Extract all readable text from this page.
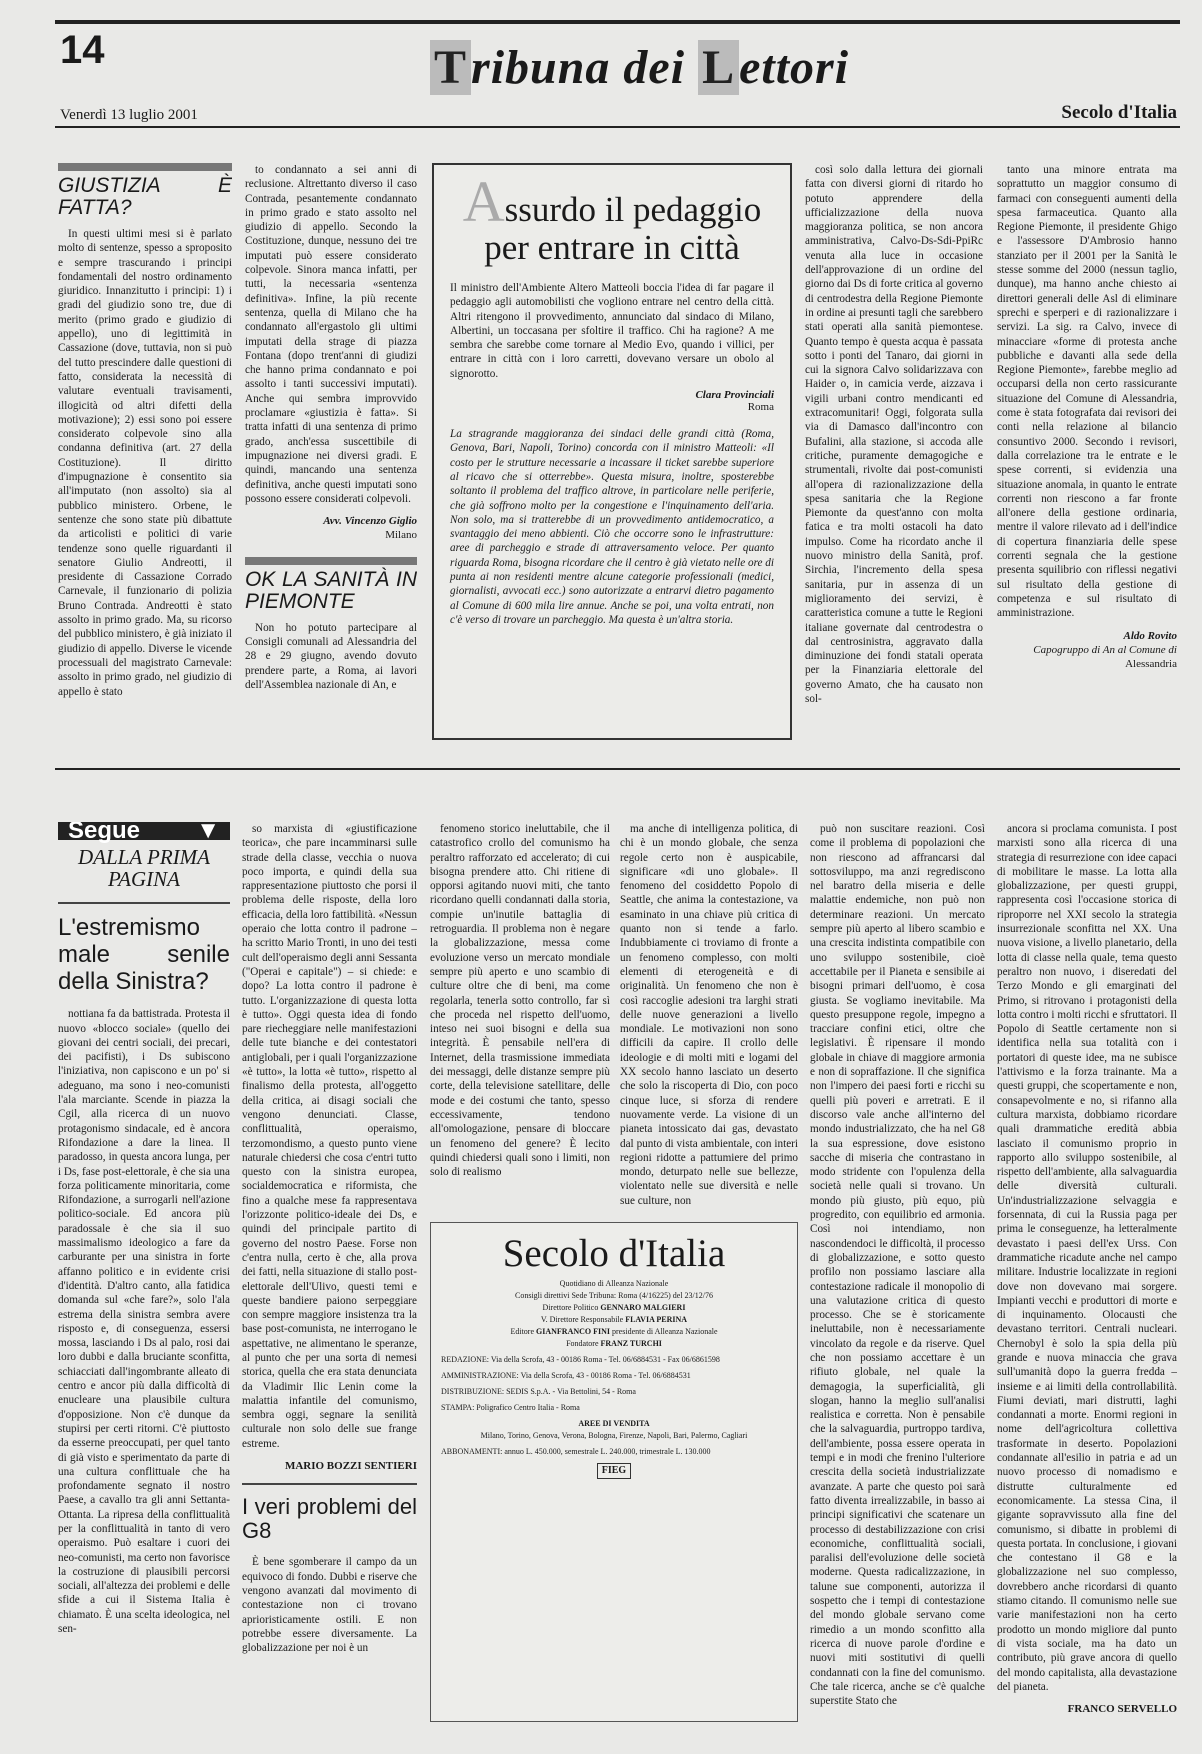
14	Tribuna dei Lettori
Venerdì 13 luglio 2001	Secolo d'Italia
GIUSTIZIA È FATTA?

In questi ultimi mesi si è parlato molto di sentenze, spesso a sproposito e sempre trascurando i principi fondamentali del nostro ordinamento giuridico. Innanzitutto i principi: 1) i gradi del giudizio sono tre, due di merito (primo grado e giudizio di appello), uno di legittimità in Cassazione (dove, tuttavia, non si può del tutto prescindere dalle questioni di fatto, considerata la necessità di valutare eventuali travisamenti, illogicità od altri difetti della motivazione); 2) essi sono poi essere considerato colpevole sino alla condanna definitiva (art. 27 della Costituzione). Il diritto d'impugnazione è consentito sia all'imputato (non assolto) sia al pubblico ministero. Orbene, le sentenze che sono state più dibattute da articolisti e politici di varie tendenze sono quelle riguardanti il senatore Giulio Andreotti, il presidente di Cassazione Corrado Carnevale, il funzionario di polizia Bruno Contrada. Andreotti è stato assolto in primo grado. Ma, su ricorso del pubblico ministero, è già iniziato il giudizio di appello. Diverse le vicende processuali del magistrato Carnevale: assolto in primo grado, nel giudizio di appello è stato

to condannato a sei anni di reclusione. Altrettanto diverso il caso Contrada, pesantemente condannato in primo grado e stato assolto nel giudizio di appello. Secondo la Costituzione, dunque, nessuno dei tre imputati può essere considerato colpevole. Sinora manca infatti, per tutti, la necessaria «sentenza definitiva». Infine, la più recente sentenza, quella di Milano che ha condannato all'ergastolo gli ultimi imputati della strage di piazza Fontana (dopo trent'anni di giudizi che hanno prima condannato e poi assolto i tanti successivi imputati). Anche qui sembra improvvido proclamare «giustizia è fatta». Si tratta infatti di una sentenza di primo grado, anch'essa suscettibile di impugnazione nei diversi gradi. E quindi, mancando una sentenza definitiva, anche questi imputati sono possono essere considerati colpevoli.

Avv. Vincenzo Giglio
Milano
OK LA SANITÀ IN PIEMONTE

Non ho potuto partecipare al Consigli comunali ad Alessandria del 28 e 29 giugno, avendo dovuto prendere parte, a Roma, ai lavori dell'Assemblea nazionale di An, e

Assurdo il pedaggio per entrare in città

Il ministro dell'Ambiente Altero Matteoli boccia l'idea di far pagare il pedaggio agli automobilisti che vogliono entrare nel centro della città. Altri ritengono il provvedimento, annunciato dal sindaco di Milano, Albertini, un toccasana per sfoltire il traffico. Chi ha ragione? A me sembra che sarebbe come tornare al Medio Evo, quando i villici, per entrare in città con i loro carretti, dovevano versare un obolo al signorotto.

Clara Provinciali
Roma
La stragrande maggioranza dei sindaci delle grandi città (Roma, Genova, Bari, Napoli, Torino) concorda con il ministro Matteoli: «Il costo per le strutture necessarie a incassare il ticket sarebbe superiore al ricavo che si otterrebbe». Questa misura, inoltre, sposterebbe soltanto il problema del traffico altrove, in particolare nelle periferie, che già soffrono molto per la congestione e l'inquinamento dell'aria. Non solo, ma si tratterebbe di un provvedimento antidemocratico, a svantaggio dei meno abbienti. Ciò che occorre sono le infrastrutture: aree di parcheggio e strade di attraversamento veloce. Per quanto riguarda Roma, bisogna ricordare che il centro è già vietato nelle ore di punta ai non residenti mentre alcune categorie professionali (medici, giornalisti, avvocati ecc.) sono autorizzate a entrarvi dietro pagamento al Comune di 600 mila lire annue. Anche se poi, una volta entrati, non c'è verso di trovare un parcheggio. Ma questa è un'altra storia.

così solo dalla lettura dei giornali fatta con diversi giorni di ritardo ho potuto apprendere della ufficializzazione della nuova maggioranza politica, se non ancora amministrativa, Calvo-Ds-Sdi-PpiRc venuta alla luce in occasione dell'approvazione di un ordine del giorno dai Ds di forte critica al governo di centrodestra della Regione Piemonte in ordine ai presunti tagli che sarebbero stati operati alla sanità piemontese. Quanto tempo è questa acqua è passata sotto i ponti del Tanaro, dai giorni in cui la signora Calvo solidarizzava con Haider o, in camicia verde, aizzava i vigili urbani contro mendicanti ed extracomunitari! Oggi, folgorata sulla via di Damasco dall'incontro con Bufalini, alla stazione, si accoda alle critiche, puramente demagogiche e strumentali, rivolte dai post-comunisti all'opera di razionalizzazione della spesa sanitaria che la Regione Piemonte da quest'anno con molta fatica e tra molti ostacoli ha dato impulso. Come ha ricordato anche il nuovo ministro della Sanità, prof. Sirchia, l'incremento della spesa sanitaria, pur in assenza di un miglioramento dei servizi, è caratteristica comune a tutte le Regioni italiane governate dal centrodestra o dal centrosinistra, aggravato dalla diminuzione dei fondi statali operata per la Finanziaria elettorale del governo Amato, che ha causato non sol-

tanto una minore entrata ma soprattutto un maggior consumo di farmaci con conseguenti aumenti della spesa farmaceutica. Quanto alla Regione Piemonte, il presidente Ghigo e l'assessore D'Ambrosio hanno stanziato per il 2001 per la Sanità le stesse somme del 2000 (nessun taglio, dunque), ma hanno anche chiesto ai direttori generali delle Asl di eliminare sprechi e sperperi e di razionalizzare i servizi. La sig. ra Calvo, invece di minacciare «forme di protesta anche pubbliche e davanti alla sede della Regione Piemonte», farebbe meglio ad occuparsi della non certo rassicurante situazione del Comune di Alessandria, come è stata fotografata dai revisori dei conti nella relazione al bilancio consuntivo 2000. Secondo i revisori, dalla correlazione tra le entrate e le spese correnti, si evidenzia una situazione anomala, in quanto le entrate correnti non riescono a far fronte all'onere della gestione ordinaria, mentre il valore rilevato ad i dell'indice di copertura finanziaria delle spese correnti segnala che la gestione presenta squilibrio con riflessi negativi sul risultato della gestione di competenza e sul risultato di amministrazione.

Aldo Rovito
Capogruppo di An al Comune di
Alessandria
Segue ▼
DALLA PRIMA PAGINA
L'estremismo male senile della Sinistra?

nottiana fa da battistrada. Protesta il nuovo «blocco sociale» (quello dei giovani dei centri sociali, dei precari, dei pacifisti), i Ds subiscono l'iniziativa, non capiscono e un po' si adeguano, ma sono i neo-comunisti l'ala marciante. Scende in piazza la Cgil, alla ricerca di un nuovo protagonismo sindacale, ed è ancora Rifondazione a dare la linea. Il paradosso, in questa ancora lunga, per i Ds, fase post-elettorale, è che sia una forza politicamente minoritaria, come Rifondazione, a surrogarli nell'azione politico-sociale. Ed ancora più paradossale è che sia il suo massimalismo ideologico a fare da carburante per una sinistra in forte affanno politico e in evidente crisi d'identità. D'altro canto, alla fatidica domanda sul «che fare?», solo l'ala estrema della sinistra sembra avere risposto e, di conseguenza, essersi mossa, lasciando i Ds al palo, rosi dai loro dubbi e dalla bruciante sconfitta, schiacciati dall'ingombrante alleato di centro e ancor più dalla difficoltà di enucleare una plausibile cultura d'opposizione. Non c'è dunque da stupirsi per certi ritorni. C'è piuttosto da esserne preoccupati, per quel tanto di già visto e sperimentato da parte di una cultura conflittuale che ha profondamente segnato il nostro Paese, a cavallo tra gli anni Settanta-Ottanta. La ripresa della conflittualità per la conflittualità in tanto di vero operaismo. Può esaltare i cuori dei neo-comunisti, ma certo non favorisce la costruzione di plausibili percorsi sociali, all'altezza dei problemi e delle sfide a cui il Sistema Italia è chiamato. È una scelta ideologica, nel sen-

so marxista di «giustificazione teorica», che pare incamminarsi sulle strade della classe, vecchia o nuova poco importa, e quindi della sua rappresentazione piuttosto che porsi il problema delle risposte, della loro efficacia, della loro fattibilità. «Nessun operaio che lotta contro il padrone – ha scritto Mario Tronti, in uno dei testi cult dell'operaismo degli anni Sessanta ("Operai e capitale") – si chiede: e dopo? La lotta contro il padrone è tutto. L'organizzazione di questa lotta è tutto». Oggi questa idea di fondo pare riecheggiare nelle manifestazioni delle tute bianche e dei contestatori antiglobali, per i quali l'organizzazione «è tutto», la lotta «è tutto», rispetto al finalismo della protesta, all'oggetto della critica, ai disagi sociali che vengono denunciati. Classe, conflittualità, operaismo, terzomondismo, a questo punto viene naturale chiedersi che cosa c'entri tutto questo con la sinistra europea, socialdemocratica e riformista, che fino a qualche mese fa rappresentava l'orizzonte politico-ideale dei Ds, e quindi del principale partito di governo del nostro Paese. Forse non c'entra nulla, certo è che, alla prova dei fatti, nella situazione di stallo post-elettorale dell'Ulivo, questi temi e queste bandiere paiono serpeggiare con sempre maggiore insistenza tra la base post-comunista, ne interrogano le aspettative, ne alimentano le speranze, al punto che per una sorta di nemesi storica, quella che era stata denunciata da Vladimir Ilic Lenin come la malattia infantile del comunismo, sembra oggi, segnare la senilità culturale non solo delle sue frange estreme.

MARIO BOZZI SENTIERI
I veri problemi del G8

È bene sgomberare il campo da un equivoco di fondo. Dubbi e riserve che vengono avanzati dal movimento di contestazione non ci trovano aprioristicamente ostili. E non potrebbe essere diversamente. La globalizzazione per noi è un

fenomeno storico ineluttabile, che il catastrofico crollo del comunismo ha peraltro rafforzato ed accelerato; di cui bisogna prendere atto. Chi ritiene di opporsi agitando nuovi miti, che tanto ricordano quelli condannati dalla storia, compie un'inutile battaglia di retroguardia. Il problema non è negare la globalizzazione, messa come evoluzione verso un mercato mondiale sempre più aperto e uno scambio di culture oltre che di beni, ma come regolarla, tenerla sotto controllo, far sì che proceda nel rispetto dell'uomo, inteso nei suoi bisogni e della sua integrità. È pensabile nell'era di Internet, della trasmissione immediata dei messaggi, delle distanze sempre più corte, della televisione satellitare, delle mode e dei costumi che tanto, spesso eccessivamente, tendono all'omologazione, pensare di bloccare un fenomeno del genere? È lecito quindi chiedersi quali sono i limiti, non solo di realismo

ma anche di intelligenza politica, di chi è un mondo globale, che senza regole certo non è auspicabile, significare «di uno globale». Il fenomeno del cosiddetto Popolo di Seattle, che anima la contestazione, va esaminato in una chiave più critica di quanto non si tende a farlo. Indubbiamente ci troviamo di fronte a un fenomeno complesso, con molti elementi di eterogeneità e di originalità. Un fenomeno che non è così raccoglie adesioni tra larghi strati delle nuove generazioni a livello mondiale. Le motivazioni non sono difficili da capire. Il crollo delle ideologie e di molti miti e logami del XX secolo hanno lasciato un deserto che solo la riscoperta di Dio, con poco cinque luce, si sforza di rendere nuovamente verde. La visione di un pianeta intossicato dai gas, devastato dal punto di vista ambientale, con interi regioni ridotte a pattumiere del primo mondo, deturpato nelle sue bellezze, violentato nelle sue diversità e nelle sue culture, non

Secolo d'Italia
Quotidiano di Alleanza Nazionale
Consigli direttivi Sede Tribuna: Roma (4/16225) del 23/12/76
Direttore Politico GENNARO MALGIERI
V. Direttore Responsabile FLAVIA PERINA
Editore GIANFRANCO FINI presidente di Alleanza Nazionale
Fondatore FRANZ TURCHI
REDAZIONE: Via della Scrofa, 43 - 00186 Roma - Tel. 06/6884531 - Fax 06/6861598
AMMINISTRAZIONE: Via della Scrofa, 43 - 00186 Roma - Tel. 06/6884531
DISTRIBUZIONE: SEDIS S.p.A. - Via Bettolini, 54 - Roma
STAMPA: Poligrafico Centro Italia - Roma
AREE DI VENDITA
Milano, Torino, Genova, Verona, Bologna, Firenze, Napoli, Bari, Palermo, Cagliari
ABBONAMENTI: annuo L. 450.000, semestrale L. 240.000, trimestrale L. 130.000
FIEG

può non suscitare reazioni. Così come il problema di popolazioni che non riescono ad affrancarsi dal sottosviluppo, ma anzi regrediscono nel baratro della miseria e delle malattie endemiche, non può non determinare reazioni. Un mercato sempre più aperto al libero scambio e una crescita indistinta compatibile con uno sviluppo sostenibile, cioè accettabile per il Pianeta e sensibile ai bisogni primari dell'uomo, è cosa giusta. Se vogliamo inevitabile. Ma questo presuppone regole, impegno a tracciare confini etici, oltre che legislativi. È ripensare il mondo globale in chiave di maggiore armonia e non di sopraffazione. Il che significa non l'impero dei paesi forti e ricchi su quelli più poveri e arretrati. E il discorso vale anche all'interno del mondo industrializzato, che ha nel G8 la sua espressione, dove esistono sacche di miseria che contrastano in modo stridente con l'opulenza della società nelle quali si trovano. Un mondo più giusto, più equo, più progredito, con equilibrio ed armonia. Così noi intendiamo, non nascondendoci le difficoltà, il processo di globalizzazione, e sotto questo profilo non possiamo lasciare alla contestazione radicale il monopolio di una valutazione critica di questo processo. Che se è storicamente ineluttabile, non è necessariamente vincolato da regole e da riserve. Quel che non possiamo accettare è un rifiuto globale, nel quale la demagogia, la superficialità, gli slogan, hanno la meglio sull'analisi realistica e corretta. Non è pensabile che la salvaguardia, purtroppo tardiva, dell'ambiente, possa essere operata in tempi e in modi che frenino l'ulteriore crescita della società industrializzate avanzate. A parte che questo poi sarà fatto diventa irrealizzabile, in basso ai principi significativi che scatenare un processo di destabilizzazione con crisi economiche, conflittualità sociali, paralisi dell'evoluzione delle società moderne. Questa radicalizzazione, in talune sue componenti, autorizza il sospetto che i tempi di contestazione del mondo globale servano come rimedio a un mondo sconfitto alla ricerca di nuove parole d'ordine e nuovi miti sostitutivi di quelli condannati con la fine del comunismo. Che tale ricerca, anche se c'è qualche superstite Stato che

ancora si proclama comunista. I post marxisti sono alla ricerca di una strategia di resurrezione con idee capaci di mobilitare le masse. La lotta alla globalizzazione, per questi gruppi, rappresenta così l'occasione storica di riproporre nel XXI secolo la strategia insurrezionale sconfitta nel XX. Una nuova visione, a livello planetario, della lotta di classe nella quale, tema questo peraltro non nuovo, i diseredati del Terzo Mondo e gli emarginati del Primo, si ritrovano i protagonisti della lotta contro i molti ricchi e sfruttatori. Il Popolo di Seattle certamente non si identifica nella sua totalità con i portatori di queste idee, ma ne subisce l'attivismo e la forza trainante. Ma a questi gruppi, che scopertamente e non, consapevolmente e no, si rifanno alla cultura marxista, dobbiamo ricordare quali drammatiche eredità abbia lasciato il comunismo proprio in rapporto allo sviluppo sostenibile, al rispetto dell'ambiente, alla salvaguardia delle diversità culturali. Un'industrializzazione selvaggia e forsennata, di cui la Russia paga per prima le conseguenze, ha letteralmente devastato i paesi dell'ex Urss. Con drammatiche ricadute anche nel campo militare. Industrie localizzate in regioni dove non dovevano mai sorgere. Impianti vecchi e produttori di morte e di inquinamento. Olocausti che devastano territori. Centrali nucleari. Chernobyl è solo la spia della più grande e nuova minaccia che grava sull'umanità dopo la guerra fredda – insieme e ai limiti della controllabilità. Fiumi deviati, mari distrutti, laghi condannati a morte. Enormi regioni in nome dell'agricoltura collettiva trasformate in deserto. Popolazioni condannate all'esilio in patria e ad un nuovo processo di nomadismo e distrutte culturalmente ed economicamente. La stessa Cina, il gigante sopravvissuto alla fine del comunismo, si dibatte in problemi di questa portata. In conclusione, i giovani che contestano il G8 e la globalizzazione nel suo complesso, dovrebbero anche ricordarsi di quanto stiamo citando. Il comunismo nelle sue varie manifestazioni non ha certo prodotto un mondo migliore dal punto di vista sociale, ma ha dato un contributo, più grave ancora di quello del mondo capitalista, alla devastazione del pianeta.

FRANCO SERVELLO
